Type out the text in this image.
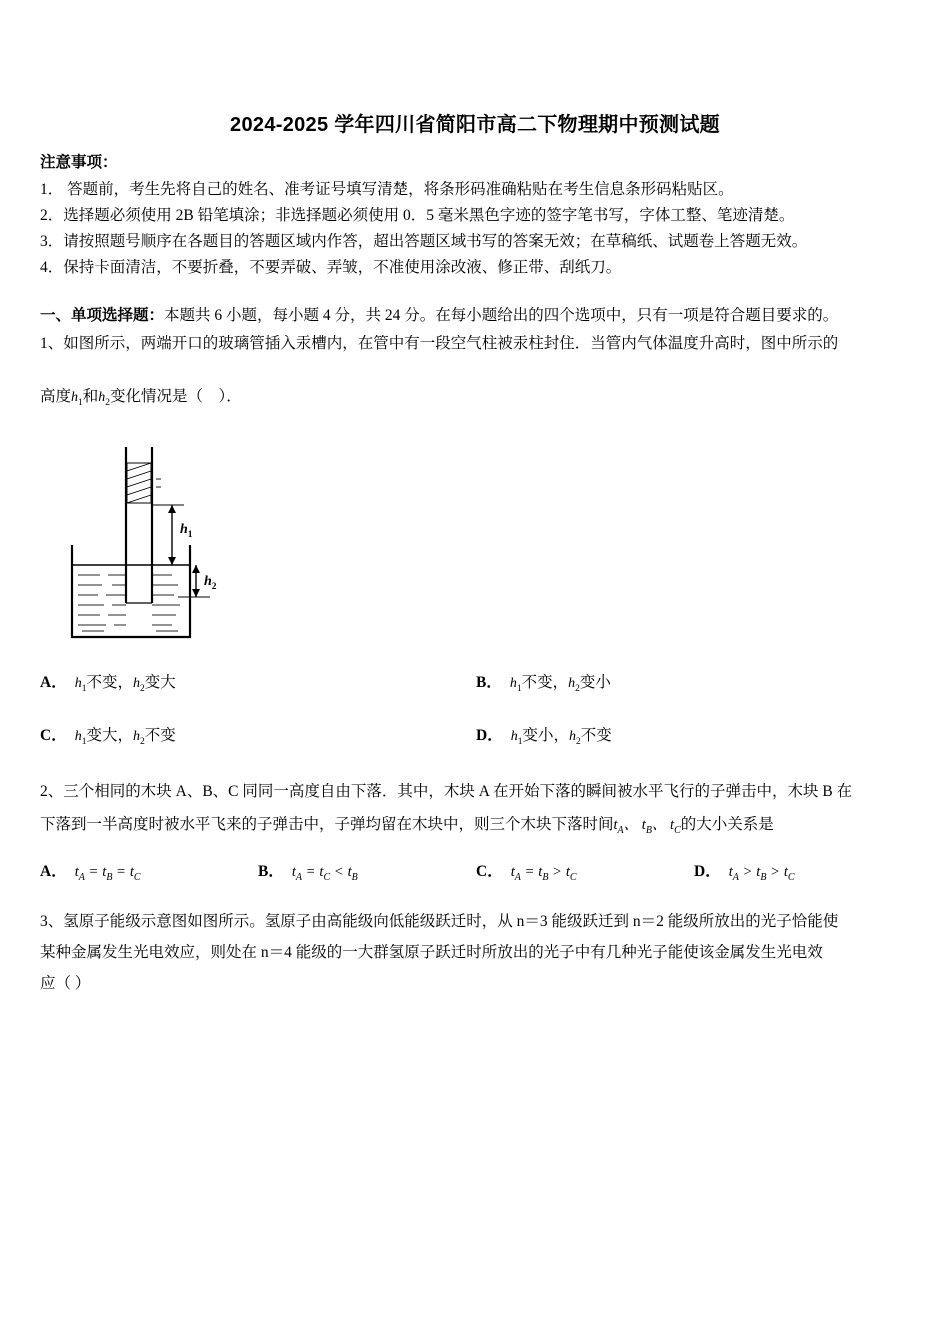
2024-2025 学年四川省简阳市高二下物理期中预测试题
注意事项：
1． 答题前，考生先将自己的姓名、准考证号填写清楚，将条形码准确粘贴在考生信息条形码粘贴区。
2．选择题必须使用 2B 铅笔填涂；非选择题必须使用 0．5 毫米黑色字迹的签字笔书写，字体工整、笔迹清楚。
3．请按照题号顺序在各题目的答题区域内作答，超出答题区域书写的答案无效；在草稿纸、试题卷上答题无效。
4．保持卡面清洁，不要折叠，不要弄破、弄皱，不准使用涂改液、修正带、刮纸刀。
一、单项选择题：本题共 6 小题，每小题 4 分，共 24 分。在每小题给出的四个选项中，只有一项是符合题目要求的。
1、如图所示，两端开口的玻璃管插入汞槽内，在管中有一段空气柱被汞柱封住．当管内气体温度升高时，图中所示的
高度$h_1$和$h_2$变化情况是（　）．
$h_1$
$h_2$
A． $h_1$不变，$h_2$变大	B． $h_1$不变，$h_2$变小
C． $h_1$变大，$h_2$不变	D． $h_1$变小，$h_2$不变
2、三个相同的木块 A、B、C 同同一高度自由下落．其中，木块 A 在开始下落的瞬间被水平飞行的子弹击中，木块 B 在
下落到一半高度时被水平飞来的子弹击中，子弹均留在木块中，则三个木块下落时间$t_A$、 $t_B$、 $t_C$的大小关系是
A． $t_A = t_B = t_C$	B． $t_A = t_C < t_B$	C． $t_A = t_B > t_C$	D． $t_A > t_B > t_C$
3、氢原子能级示意图如图所示。氢原子由高能级向低能级跃迁时，从 n＝3 能级跃迁到 n＝2 能级所放出的光子恰能使
某种金属发生光电效应，则处在 n＝4 能级的一大群氢原子跃迁时所放出的光子中有几种光子能使该金属发生光电效
应（ ）
